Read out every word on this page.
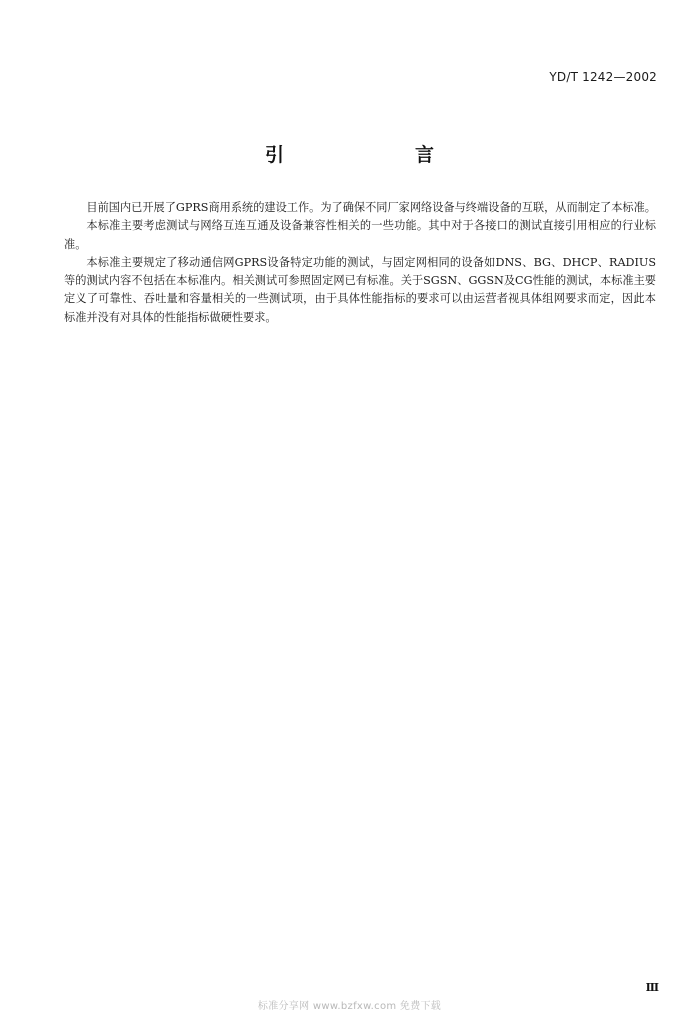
YD/T 1242—2002
引　言

目前国内已开展了GPRS商用系统的建设工作。为了确保不同厂家网络设备与终端设备的互联，从而制定了本标准。

本标准主要考虑测试与网络互连互通及设备兼容性相关的一些功能。其中对于各接口的测试直接引用相应的行业标准。

本标准主要规定了移动通信网GPRS设备特定功能的测试，与固定网相同的设备如DNS、BG、DHCP、RADIUS等的测试内容不包括在本标准内。相关测试可参照固定网已有标准。关于SGSN、GGSN及CG性能的测试，本标准主要定义了可靠性、吞吐量和容量相关的一些测试项，由于具体性能指标的要求可以由运营者视具体组网要求而定，因此本标准并没有对具体的性能指标做硬性要求。

Ⅲ
标准分享网 www.bzfxw.com 免费下载
